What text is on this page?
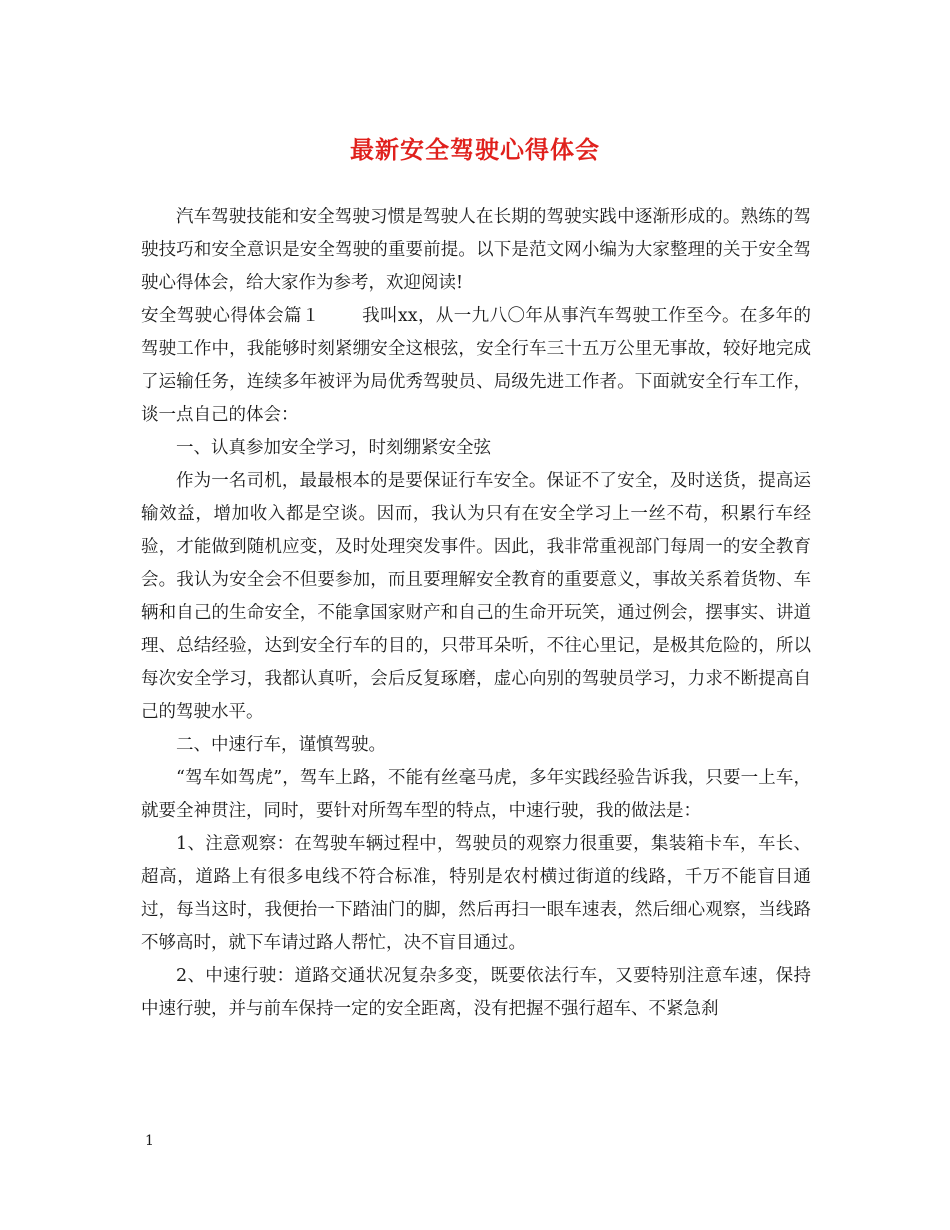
最新安全驾驶心得体会

汽车驾驶技能和安全驾驶习惯是驾驶人在长期的驾驶实践中逐渐形成的。熟练的驾驶技巧和安全意识是安全驾驶的重要前提。以下是范文网小编为大家整理的关于安全驾驶心得体会，给大家作为参考，欢迎阅读!

安全驾驶心得体会篇１ 我叫xx，从一九八〇年从事汽车驾驶工作至今。在多年的驾驶工作中，我能够时刻紧绷安全这根弦，安全行车三十五万公里无事故，较好地完成了运输任务，连续多年被评为局优秀驾驶员、局级先进工作者。下面就安全行车工作，谈一点自己的体会：

一、认真参加安全学习，时刻绷紧安全弦

作为一名司机，最最根本的是要保证行车安全。保证不了安全，及时送货，提高运输效益，增加收入都是空谈。因而，我认为只有在安全学习上一丝不苟，积累行车经验，才能做到随机应变，及时处理突发事件。因此，我非常重视部门每周一的安全教育会。我认为安全会不但要参加，而且要理解安全教育的重要意义，事故关系着货物、车辆和自己的生命安全，不能拿国家财产和自己的生命开玩笑，通过例会，摆事实、讲道理、总结经验，达到安全行车的目的，只带耳朵听，不往心里记，是极其危险的，所以每次安全学习，我都认真听，会后反复琢磨，虚心向别的驾驶员学习，力求不断提高自己的驾驶水平。

二、中速行车，谨慎驾驶。

“驾车如驾虎”，驾车上路，不能有丝毫马虎，多年实践经验告诉我，只要一上车，就要全神贯注，同时，要针对所驾车型的特点，中速行驶，我的做法是：

1、注意观察：在驾驶车辆过程中，驾驶员的观察力很重要，集装箱卡车，车长、超高，道路上有很多电线不符合标准，特别是农村横过街道的线路，千万不能盲目通过，每当这时，我便抬一下踏油门的脚，然后再扫一眼车速表，然后细心观察，当线路不够高时，就下车请过路人帮忙，决不盲目通过。

2、中速行驶：道路交通状况复杂多变，既要依法行车，又要特别注意车速，保持中速行驶，并与前车保持一定的安全距离，没有把握不强行超车、不紧急刹

1
